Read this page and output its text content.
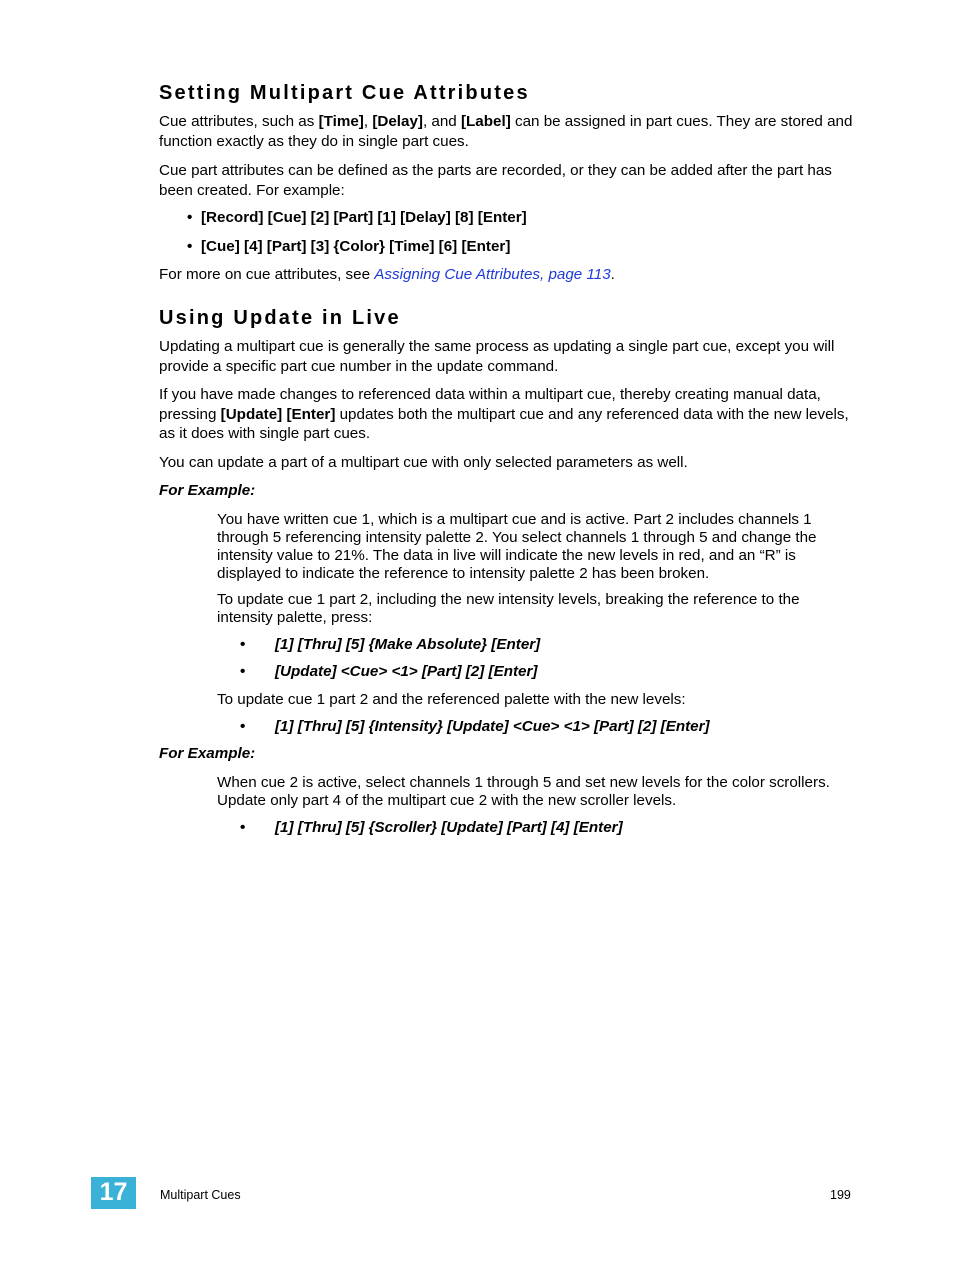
Setting Multipart Cue Attributes
Cue attributes, such as [Time], [Delay], and [Label] can be assigned in part cues. They are stored and function exactly as they do in single part cues.
Cue part attributes can be defined as the parts are recorded, or they can be added after the part has been created. For example:
• [Record] [Cue] [2] [Part] [1] [Delay] [8] [Enter]
• [Cue] [4] [Part] [3] {Color} [Time] [6] [Enter]
For more on cue attributes, see Assigning Cue Attributes, page 113.
Using Update in Live
Updating a multipart cue is generally the same process as updating a single part cue, except you will provide a specific part cue number in the update command.
If you have made changes to referenced data within a multipart cue, thereby creating manual data, pressing [Update] [Enter] updates both the multipart cue and any referenced data with the new levels, as it does with single part cues.
You can update a part of a multipart cue with only selected parameters as well.
For Example:
You have written cue 1, which is a multipart cue and is active. Part 2 includes channels 1 through 5 referencing intensity palette 2. You select channels 1 through 5 and change the intensity value to 21%. The data in live will indicate the new levels in red, and an “R” is displayed to indicate the reference to intensity palette 2 has been broken.
To update cue 1 part 2, including the new intensity levels, breaking the reference to the intensity palette, press:
• [1] [Thru] [5] {Make Absolute} [Enter]
• [Update] <Cue> <1> [Part] [2] [Enter]
To update cue 1 part 2 and the referenced palette with the new levels:
• [1] [Thru] [5] {Intensity} [Update] <Cue> <1> [Part] [2] [Enter]
For Example:
When cue 2 is active, select channels 1 through 5 and set new levels for the color scrollers. Update only part 4 of the multipart cue 2 with the new scroller levels.
• [1] [Thru] [5] {Scroller} [Update] [Part] [4] [Enter]
17	Multipart Cues	199
